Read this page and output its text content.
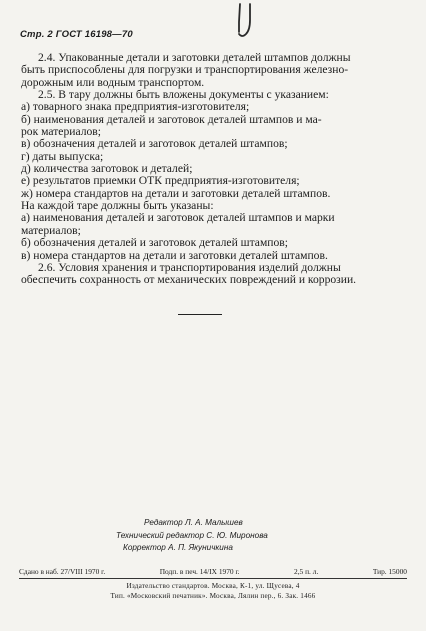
Стр. 2 ГОСТ 16198—70
2.4. Упакованные детали и заготовки деталей штампов должны
быть приспособлены для погрузки и транспортирования железно-
дорожным или водным транспортом.
2.5. В тару должны быть вложены документы с указанием:
а) товарного знака предприятия-изготовителя;
б) наименования деталей и заготовок деталей штампов и ма-
рок материалов;
в) обозначения деталей и заготовок деталей штампов;
г) даты выпуска;
д) количества заготовок и деталей;
е) результатов приемки ОТК предприятия-изготовителя;
ж) номера стандартов на детали и заготовки деталей штампов.
На каждой таре должны быть указаны:
а) наименования деталей и заготовок деталей штампов и марки
материалов;
б) обозначения деталей и заготовок деталей штампов;
в) номера стандартов на детали и заготовки деталей штампов.
2.6. Условия хранения и транспортирования изделий должны
обеспечить сохранность от механических повреждений и коррозии.
Редактор Л. А. Малышев
Технический редактор С. Ю. Миронова
Корректор А. П. Якуничкина
Сдано в наб. 27/VIII 1970 г.	Подп. в печ. 14/IX 1970 г.	2,5 п. л.	Тир. 15000
Издательство стандартов. Москва, К-1, ул. Щусева, 4
Тип. «Московский печатник». Москва, Лялин пер., 6. Зак. 1466
